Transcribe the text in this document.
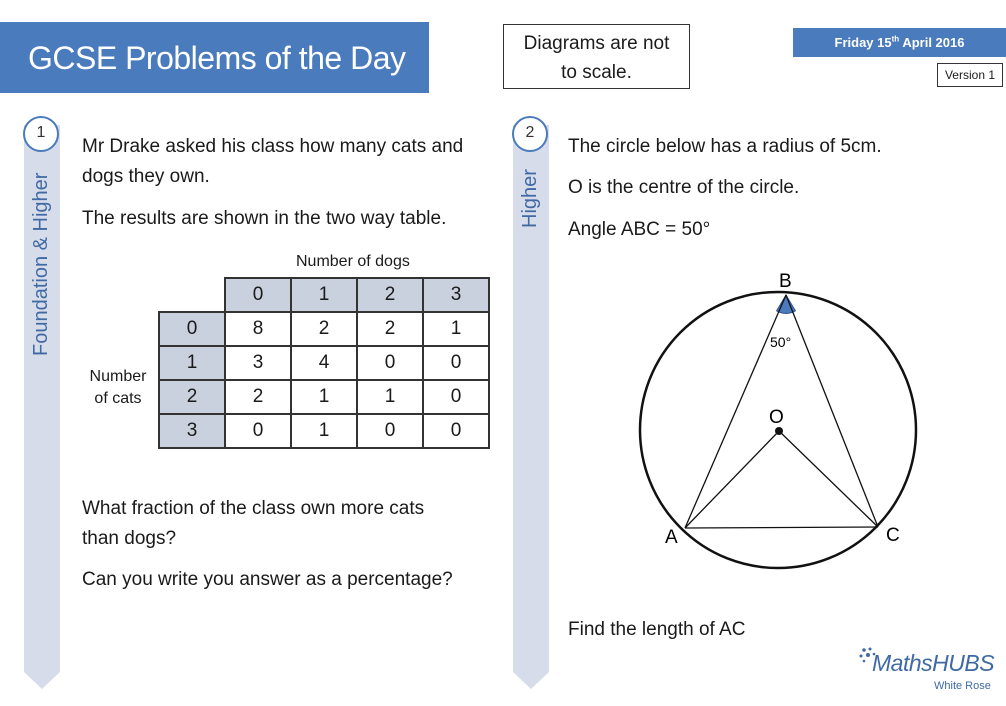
GCSE Problems of the Day	Diagrams are not
to scale.
Friday 15th April 2016
Version 1
1
Foundation & Higher
Mr Drake asked his class how many cats and
dogs they own.
The results are shown in the two way table.
Number of dogs
Number
of cats
	0	1	2	3
0	8	2	2	1
1	3	4	0	0
2	2	1	1	0
3	0	1	0	0
What fraction of the class own more cats
than dogs?
Can you write you answer as a percentage?
2
Higher
The circle below has a radius of 5cm.
O is the centre of the circle.
Angle ABC = 50°
B
50°
O
A	C
Find the length of AC
MathsHUBS
White Rose
